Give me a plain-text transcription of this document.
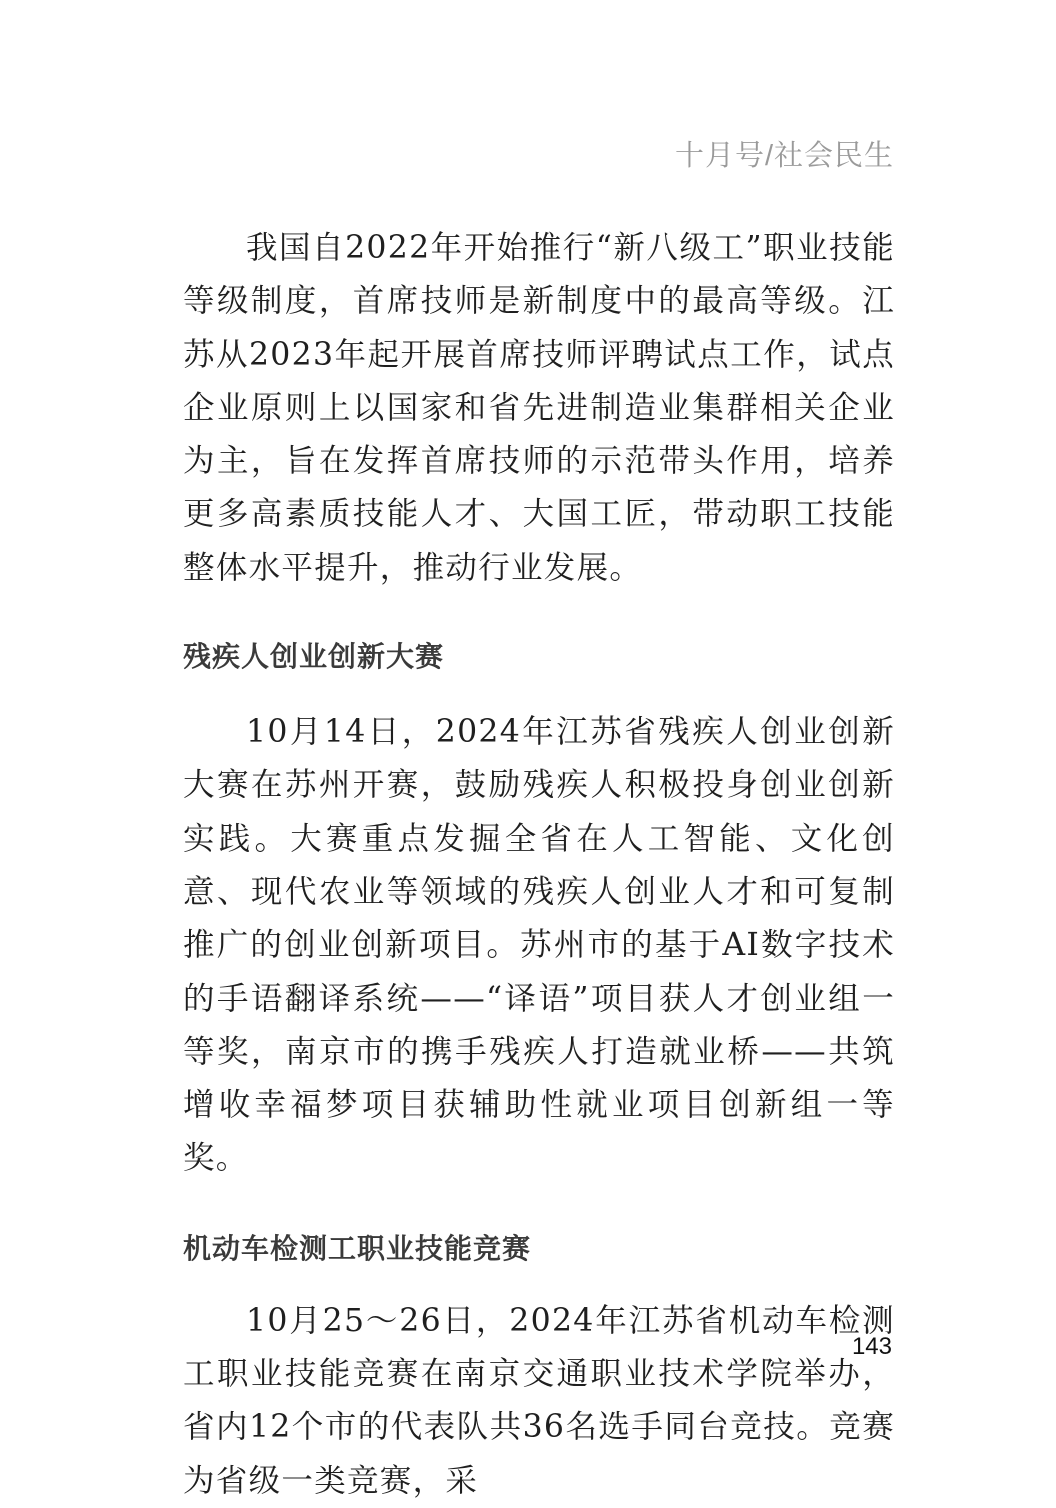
十月号/社会民生

我国自2022年开始推行“新八级工”职业技能等级制度，首席技师是新制度中的最高等级。江苏从2023年起开展首席技师评聘试点工作，试点企业原则上以国家和省先进制造业集群相关企业为主，旨在发挥首席技师的示范带头作用，培养更多高素质技能人才、大国工匠，带动职工技能整体水平提升，推动行业发展。

残疾人创业创新大赛

10月14日，2024年江苏省残疾人创业创新大赛在苏州开赛，鼓励残疾人积极投身创业创新实践。大赛重点发掘全省在人工智能、文化创意、现代农业等领域的残疾人创业人才和可复制推广的创业创新项目。苏州市的基于AI数字技术的手语翻译系统——“译语”项目获人才创业组一等奖，南京市的携手残疾人打造就业桥——共筑增收幸福梦项目获辅助性就业项目创新组一等奖。

机动车检测工职业技能竞赛

10月25～26日，2024年江苏省机动车检测工职业技能竞赛在南京交通职业技术学院举办，省内12个市的代表队共36名选手同台竞技。竞赛为省级一类竞赛，采

143
